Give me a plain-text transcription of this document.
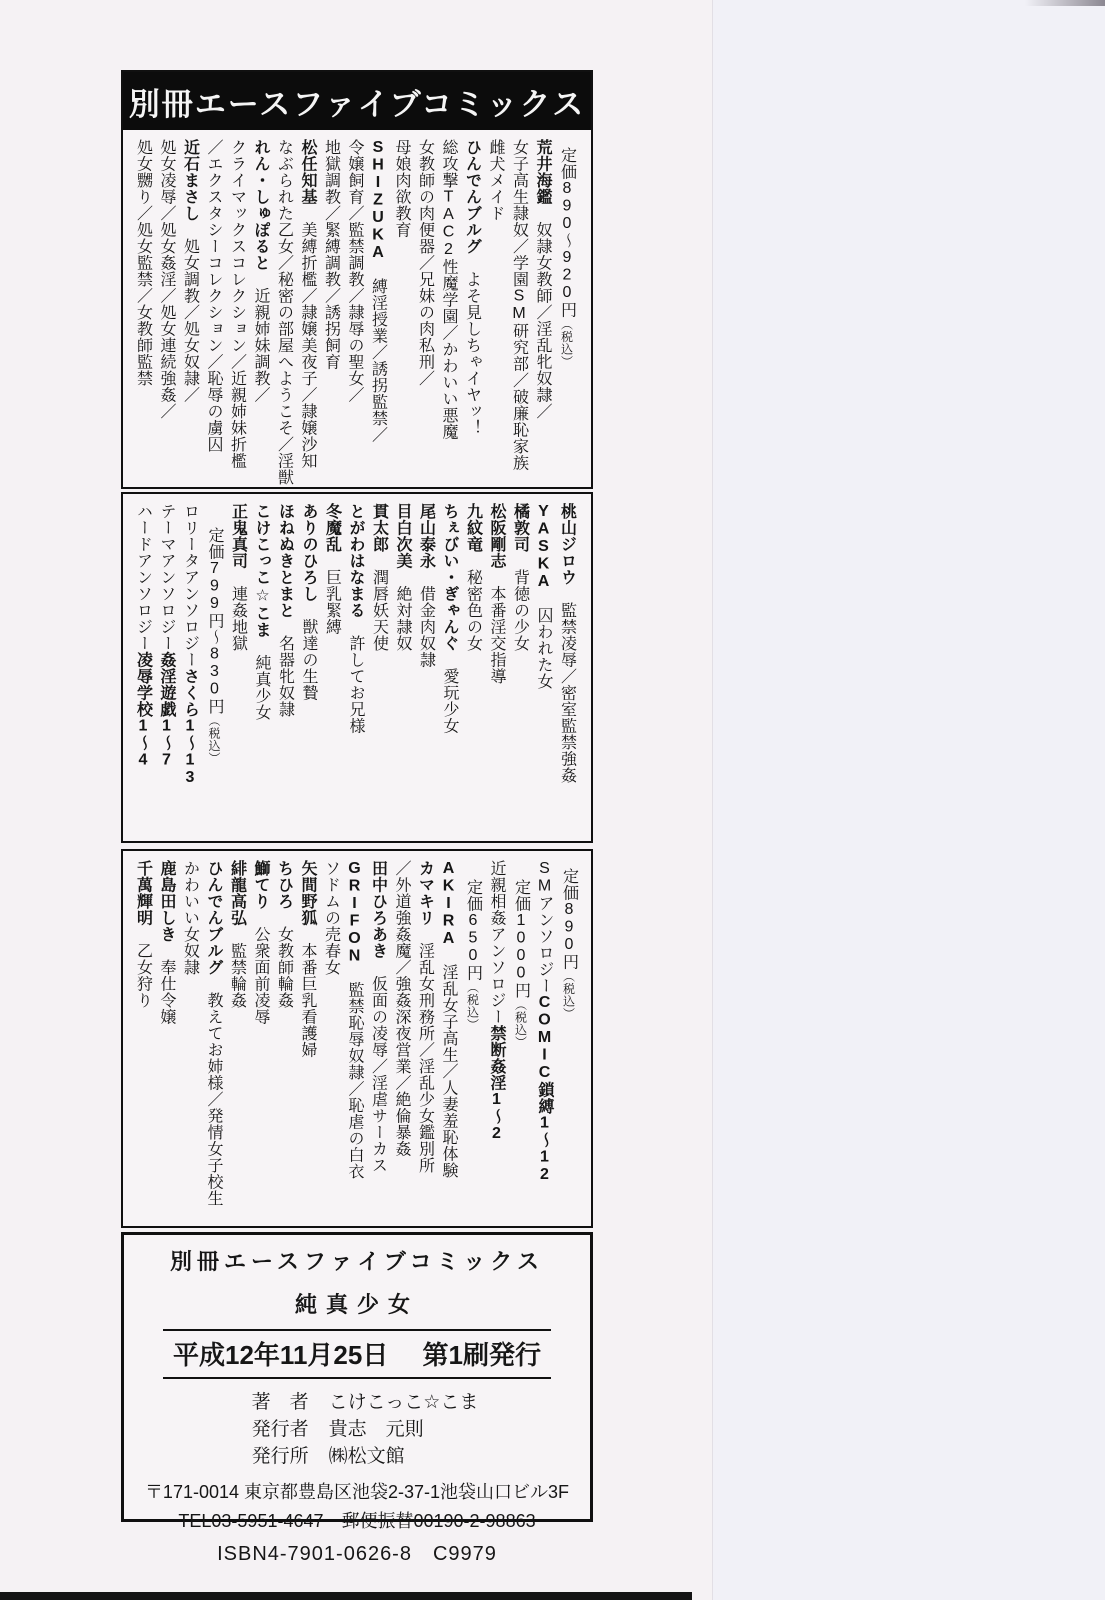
別冊エースファイブコミックス
定価890〜920円（税込）
荒井海鑑　奴隷女教師／淫乱牝奴隷／
女子高生隷奴／学園SM研究部／破廉恥家族
雌犬メイド
ひんでんブルグ　よそ見しちゃイヤッ！
総攻撃TAC2性魔学園／かわいい悪魔
女教師の肉便器／兄妹の肉私刑／
母娘肉欲教育
SHIZUKA　縛淫授業／誘拐監禁／
令嬢飼育／監禁調教／隷辱の聖女／
地獄調教／緊縛調教／誘拐飼育
松任知基　美縛折檻／隷嬢美夜子／隷嬢沙知
なぶられた乙女／秘密の部屋へようこそ／淫獣
れん・しゅぽると　近親姉妹調教／
クライマックスコレクション／近親姉妹折檻
／エクスタシーコレクション／恥辱の虜囚
近石まさし　処女調教／処女奴隷／
処女凌辱／処女姦淫／処女連続強姦／
処女嬲り／処女監禁／女教師監禁
桃山ジロウ　監禁凌辱／密室監禁強姦
YASKA　囚われた女
橘敦司　背徳の少女
松阪剛志　本番淫交指導
九紋竜　秘密色の女
ちぇびい・ぎゃんぐ　愛玩少女
尾山泰永　借金肉奴隷
目白次美　絶対隷奴
貫太郎　潤唇妖天使
とがわはなまる　許してお兄様
冬魔乱　巨乳緊縛
ありのひろし　獣達の生贄
ほねぬきとまと　名器牝奴隷
こけこっこ☆こま　純真少女
正鬼真司　連姦地獄
定価799円〜830円（税込）
ロリータアンソロジーさくら1〜13
テーマアンソロジー姦淫遊戯1〜7
ハードアンソロジー凌辱学校1〜4
定価890円（税込）
SMアンソロジーCOMIC鎖縛1〜12
定価1000円（税込）
近親相姦アンソロジー禁断姦淫1〜2
定価650円（税込）
AKIRA　淫乱女子高生／人妻羞恥体験
カマキリ　淫乱女刑務所／淫乱少女鑑別所
／外道強姦魔／強姦深夜営業／絶倫暴姦
田中ひろあき　仮面の凌辱／淫虐サーカス
GRIFON　監禁恥辱奴隷／恥虐の白衣
ソドムの売春女
矢間野狐　本番巨乳看護婦
ちひろ　女教師輪姦
鰤てり　公衆面前凌辱
緋龍高弘　監禁輪姦
ひんでんブルグ　教えてお姉様／発情女子校生
かわいい女奴隷
鹿島田しき　奉仕令嬢
千萬輝明　乙女狩り
別冊エースファイブコミックス
純真少女
平成12年11月25日 第1刷発行
著　者 こけこっこ☆こま
発行者 貴志　元則
発行所 ㈱松文館
〒171-0014 東京都豊島区池袋2-37-1池袋山口ビル3F
TEL03-5951-4647　郵便振替00190-2-98863
ISBN4-7901-0626-8　C9979
